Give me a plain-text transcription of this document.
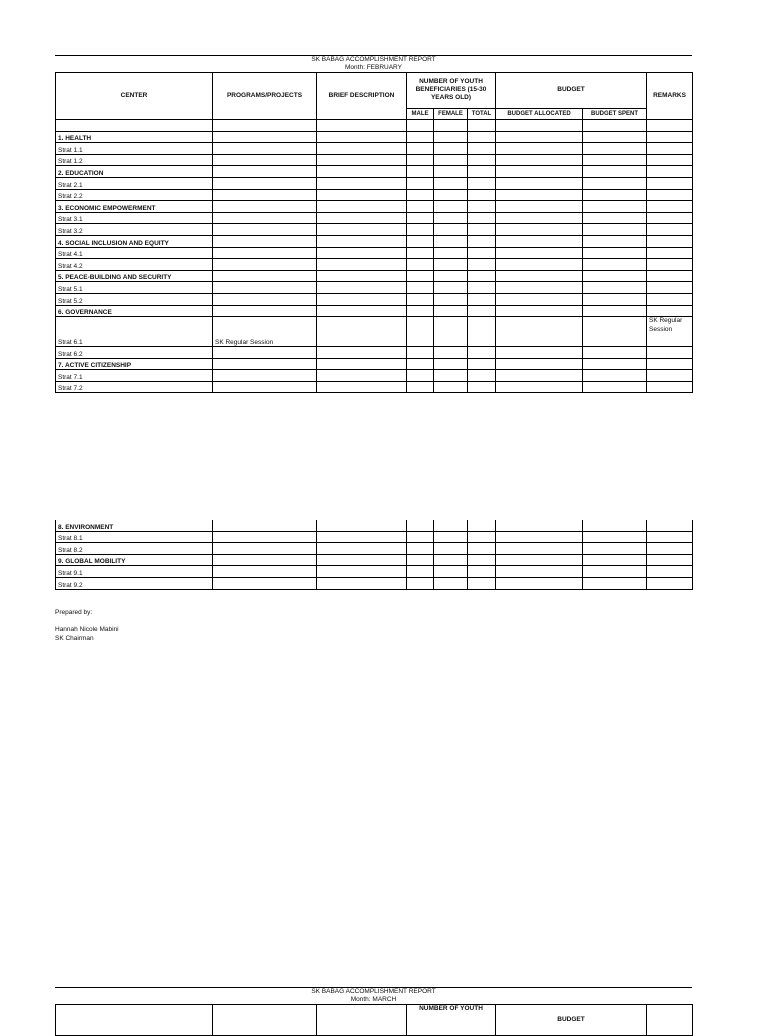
SK BABAG ACCOMPLISHMENT REPORT
Month: FEBRUARY
CENTER	PROGRAMS/PROJECTS	BRIEF DESCRIPTION	NUMBER OF YOUTH BENEFICIARIES (15-30 YEARS OLD)			BUDGET		REMARKS
			MALE	FEMALE	TOTAL	BUDGET ALLOCATED	BUDGET SPENT	

1. HEALTH								
Strat 1.1								
Strat 1.2								
2. EDUCATION								
Strat 2.1								
Strat 2.2								
3. ECONOMIC EMPOWERMENT								
Strat 3.1								
Strat 3.2								
4. SOCIAL INCLUSION AND EQUITY								
Strat 4.1								
Strat 4.2								
5. PEACE-BUILDING AND SECURITY								
Strat 5.1								
Strat 5.2								
6. GOVERNANCE								
Strat 6.1	SK Regular Session							SK Regular Session
Strat 6.2								
7. ACTIVE CITIZENSHIP								
Strat 7.1								
Strat 7.2								
8. ENVIRONMENT								
Strat 8.1								
Strat 8.2								
9. GLOBAL MOBILITY								
Strat 9.1								
Strat 9.2								
Prepared by:
Hannah Nicole Mabini
SK Chairman
SK BABAG ACCOMPLISHMENT REPORT
Month: MARCH
			NUMBER OF YOUTH	BUDGET	
